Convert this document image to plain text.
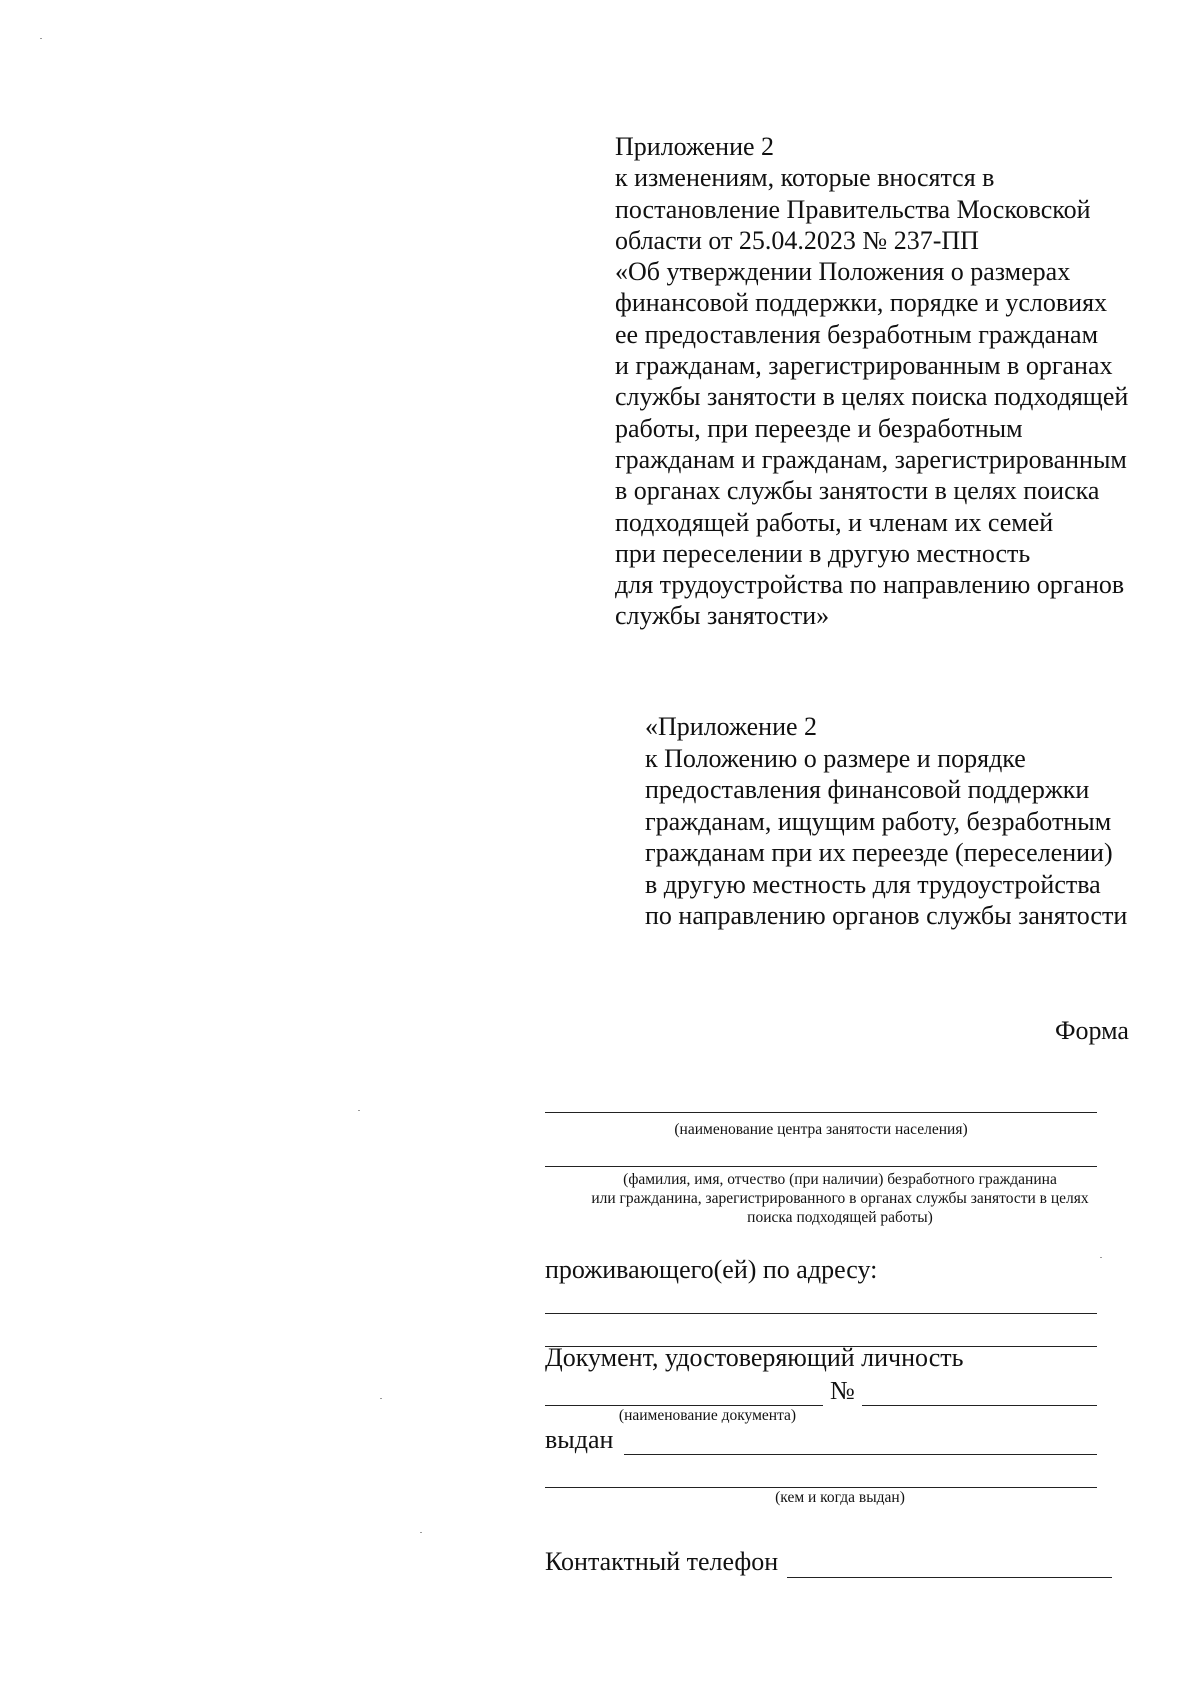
Приложение 2
к изменениям, которые вносятся в
постановление Правительства Московской
области от 25.04.2023 № 237-ПП
«Об утверждении Положения о размерах
финансовой поддержки, порядке и условиях
ее предоставления безработным гражданам
и гражданам, зарегистрированным в органах
службы занятости в целях поиска подходящей
работы, при переезде и безработным
гражданам и гражданам, зарегистрированным
в органах службы занятости в целях поиска
подходящей работы, и членам их семей
при переселении в другую местность
для трудоустройства по направлению органов
службы занятости»
«Приложение 2
к Положению о размере и порядке
предоставления финансовой поддержки
гражданам, ищущим работу, безработным
гражданам при их переезде (переселении)
в другую местность для трудоустройства
по направлению органов службы занятости
Форма
(наименование центра занятости населения)
(фамилия, имя, отчество (при наличии) безработного гражданина
или гражданина, зарегистрированного в органах службы занятости в целях
поиска подходящей работы)
проживающего(ей) по адресу:
Документ, удостоверяющий личность
№
(наименование документа)
выдан
(кем и когда выдан)
Контактный телефон
